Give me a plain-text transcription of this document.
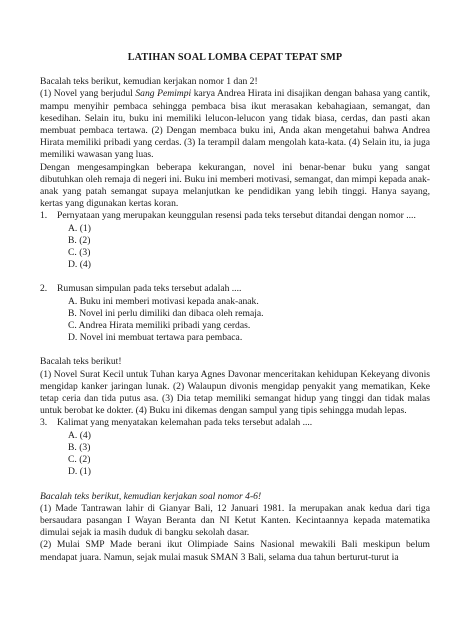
LATIHAN SOAL LOMBA CEPAT TEPAT SMP

Bacalah teks berikut, kemudian kerjakan nomor 1 dan 2!

(1) Novel yang berjudul Sang Pemimpi karya Andrea Hirata ini disajikan dengan bahasa yang cantik, mampu menyihir pembaca sehingga pembaca bisa ikut merasakan kebahagiaan, semangat, dan kesedihan. Selain itu, buku ini memiliki lelucon-lelucon yang tidak biasa, cerdas, dan pasti akan membuat pembaca tertawa. (2) Dengan membaca buku ini, Anda akan mengetahui bahwa Andrea Hirata memiliki pribadi yang cerdas. (3) Ia terampil dalam mengolah kata-kata. (4) Selain itu, ia juga memiliki wawasan yang luas.

Dengan mengesampingkan beberapa kekurangan, novel ini benar-benar buku yang sangat dibutuhkan oleh remaja di negeri ini. Buku ini memberi motivasi, semangat, dan mimpi kepada anak-anak yang patah semangat supaya melanjutkan ke pendidikan yang lebih tinggi. Hanya sayang, kertas yang digunakan kertas koran.

1.	Pernyataan yang merupakan keunggulan resensi pada teks tersebut ditandai dengan nomor ....
A. (1)
B. (2)
C. (3)
D. (4)
2.	Rumusan simpulan pada teks tersebut adalah ....
A. Buku ini memberi motivasi kepada anak-anak.
B. Novel ini perlu dimiliki dan dibaca oleh remaja.
C. Andrea Hirata memiliki pribadi yang cerdas.
D. Novel ini membuat tertawa para pembaca.

Bacalah teks berikut!

(1) Novel Surat Kecil untuk Tuhan karya Agnes Davonar menceritakan kehidupan Kekeyang divonis mengidap kanker jaringan lunak. (2) Walaupun divonis mengidap penyakit yang mematikan, Keke tetap ceria dan tida putus asa. (3) Dia tetap memiliki semangat hidup yang tinggi dan tidak malas untuk berobat ke dokter. (4) Buku ini dikemas dengan sampul yang tipis sehingga mudah lepas.

3.	Kalimat yang menyatakan kelemahan pada teks tersebut adalah ....
A. (4)
B. (3)
C. (2)
D. (1)

Bacalah teks berikut, kemudian kerjakan soal nomor 4-6!

(1) Made Tantrawan lahir di Gianyar Bali, 12 Januari 1981. Ia merupakan anak kedua dari tiga bersaudara pasangan I Wayan Beranta dan NI Ketut Kanten. Kecintaannya kepada matematika dimulai sejak ia masih duduk di bangku sekolah dasar.

(2) Mulai SMP Made berani ikut Olimpiade Sains Nasional mewakili Bali meskipun belum mendapat juara. Namun, sejak mulai masuk SMAN 3 Bali, selama dua tahun berturut-turut ia
